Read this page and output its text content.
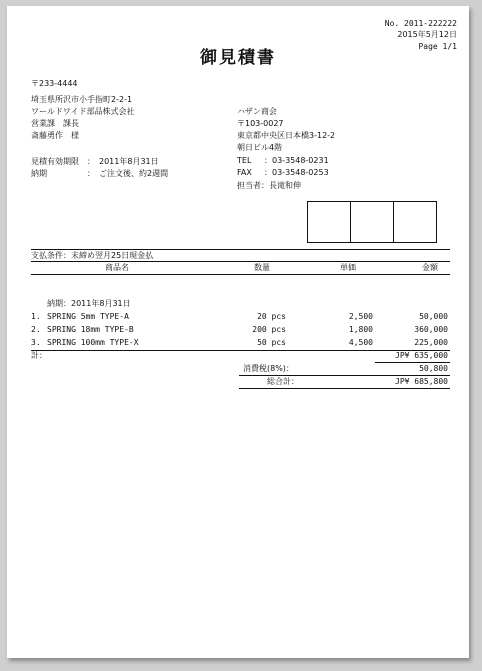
No. 2011-222222
2015年5月12日
Page 1/1
御見積書
〒233-4444
埼玉県所沢市小手指町2-2-1
ワールドワイド部品株式会社
営業課　課長
斎藤勇作　様
見積有効期限 ：　2011年8月31日
納期	：　ご注文後、約2週間
ハザン商会
〒103-0027
東京都中央区日本橋3-12-2
朝日ビル4階
TEL ：03-3548-0231
FAX ：03-3548-0253
担当者：長滝和伸
支払条件：末締め翌月25日現金払
商品名	数量	単価	金額
納期：2011年8月31日
1. SPRING 5mm TYPE-A	20 pcs	2,500	50,000
2. SPRING 18mm TYPE-B	200 pcs	1,800	360,000
3. SPRING 100mm TYPE-X	50 pcs	4,500	225,000
計：	JP¥ 635,000
消費税(8%)：	50,800
総合計：	JP¥ 685,800
